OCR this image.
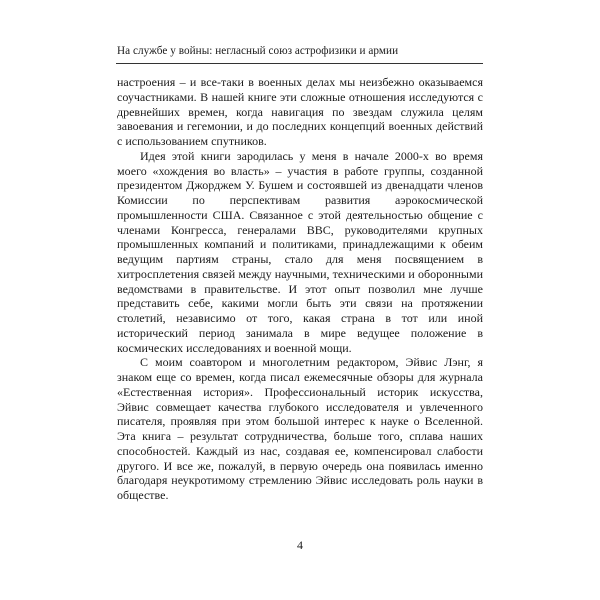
На службе у войны: негласный союз астрофизики и армии

настроения – и все-таки в военных делах мы неизбежно оказываемся соучастниками. В нашей книге эти сложные отношения исследуются с древнейших времен, когда навигация по звездам служила целям завоевания и гегемонии, и до последних концепций военных действий с использованием спутников.

Идея этой книги зародилась у меня в начале 2000-х во время моего «хождения во власть» – участия в работе группы, созданной президентом Джорджем У. Бушем и состоявшей из двенадцати членов Комиссии по перспективам развития аэрокосмической промышленности США. Связанное с этой деятельностью общение с членами Конгресса, генералами ВВС, руководителями крупных промышленных компаний и политиками, принадлежащими к обеим ведущим партиям страны, стало для меня посвящением в хитросплетения связей между научными, техническими и оборонными ведомствами в правительстве. И этот опыт позволил мне лучше представить себе, какими могли быть эти связи на протяжении столетий, независимо от того, какая страна в тот или иной исторический период занимала в мире ведущее положение в космических исследованиях и военной мощи.

С моим соавтором и многолетним редактором, Эйвис Лэнг, я знаком еще со времен, когда писал ежемесячные обзоры для журнала «Естественная история». Профессиональный историк искусства, Эйвис совмещает качества глубокого исследователя и увлеченного писателя, проявляя при этом большой интерес к науке о Вселенной. Эта книга – результат сотрудничества, больше того, сплава наших способностей. Каждый из нас, создавая ее, компенсировал слабости другого. И все же, пожалуй, в первую очередь она появилась именно благодаря неукротимому стремлению Эйвис исследовать роль науки в обществе.

4
